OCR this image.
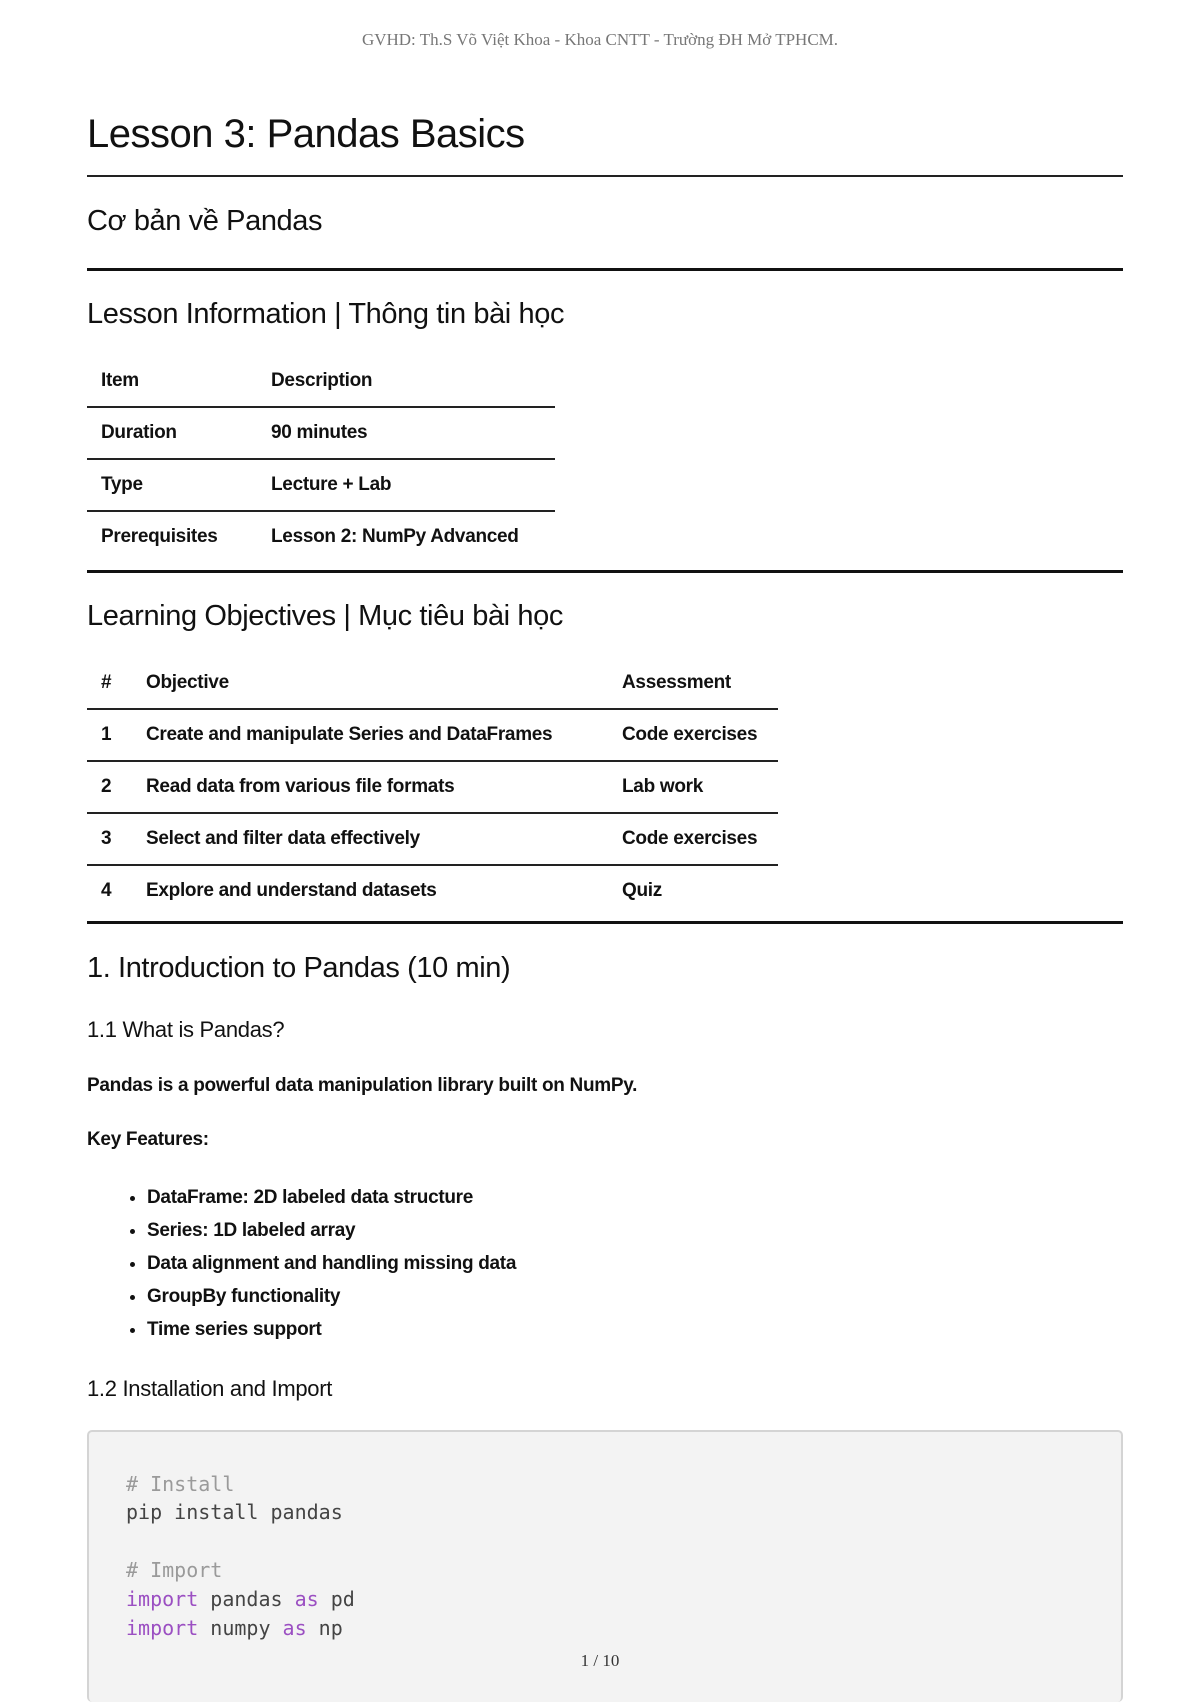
GVHD: Th.S Võ Việt Khoa - Khoa CNTT - Trường ĐH Mở TPHCM.
Lesson 3: Pandas Basics
Cơ bản về Pandas
Lesson Information | Thông tin bài học
Item	Description
Duration	90 minutes
Type	Lecture + Lab
Prerequisites	Lesson 2: NumPy Advanced
Learning Objectives | Mục tiêu bài học
#	Objective	Assessment
1	Create and manipulate Series and DataFrames	Code exercises
2	Read data from various file formats	Lab work
3	Select and filter data effectively	Code exercises
4	Explore and understand datasets	Quiz
1. Introduction to Pandas (10 min)
1.1 What is Pandas?

Pandas is a powerful data manipulation library built on NumPy.

Key Features:

• DataFrame: 2D labeled data structure
• Series: 1D labeled array
• Data alignment and handling missing data
• GroupBy functionality
• Time series support
1.2 Installation and Import
# Install
pip install pandas
# Import
import pandas as pd
import numpy as np
1 / 10
